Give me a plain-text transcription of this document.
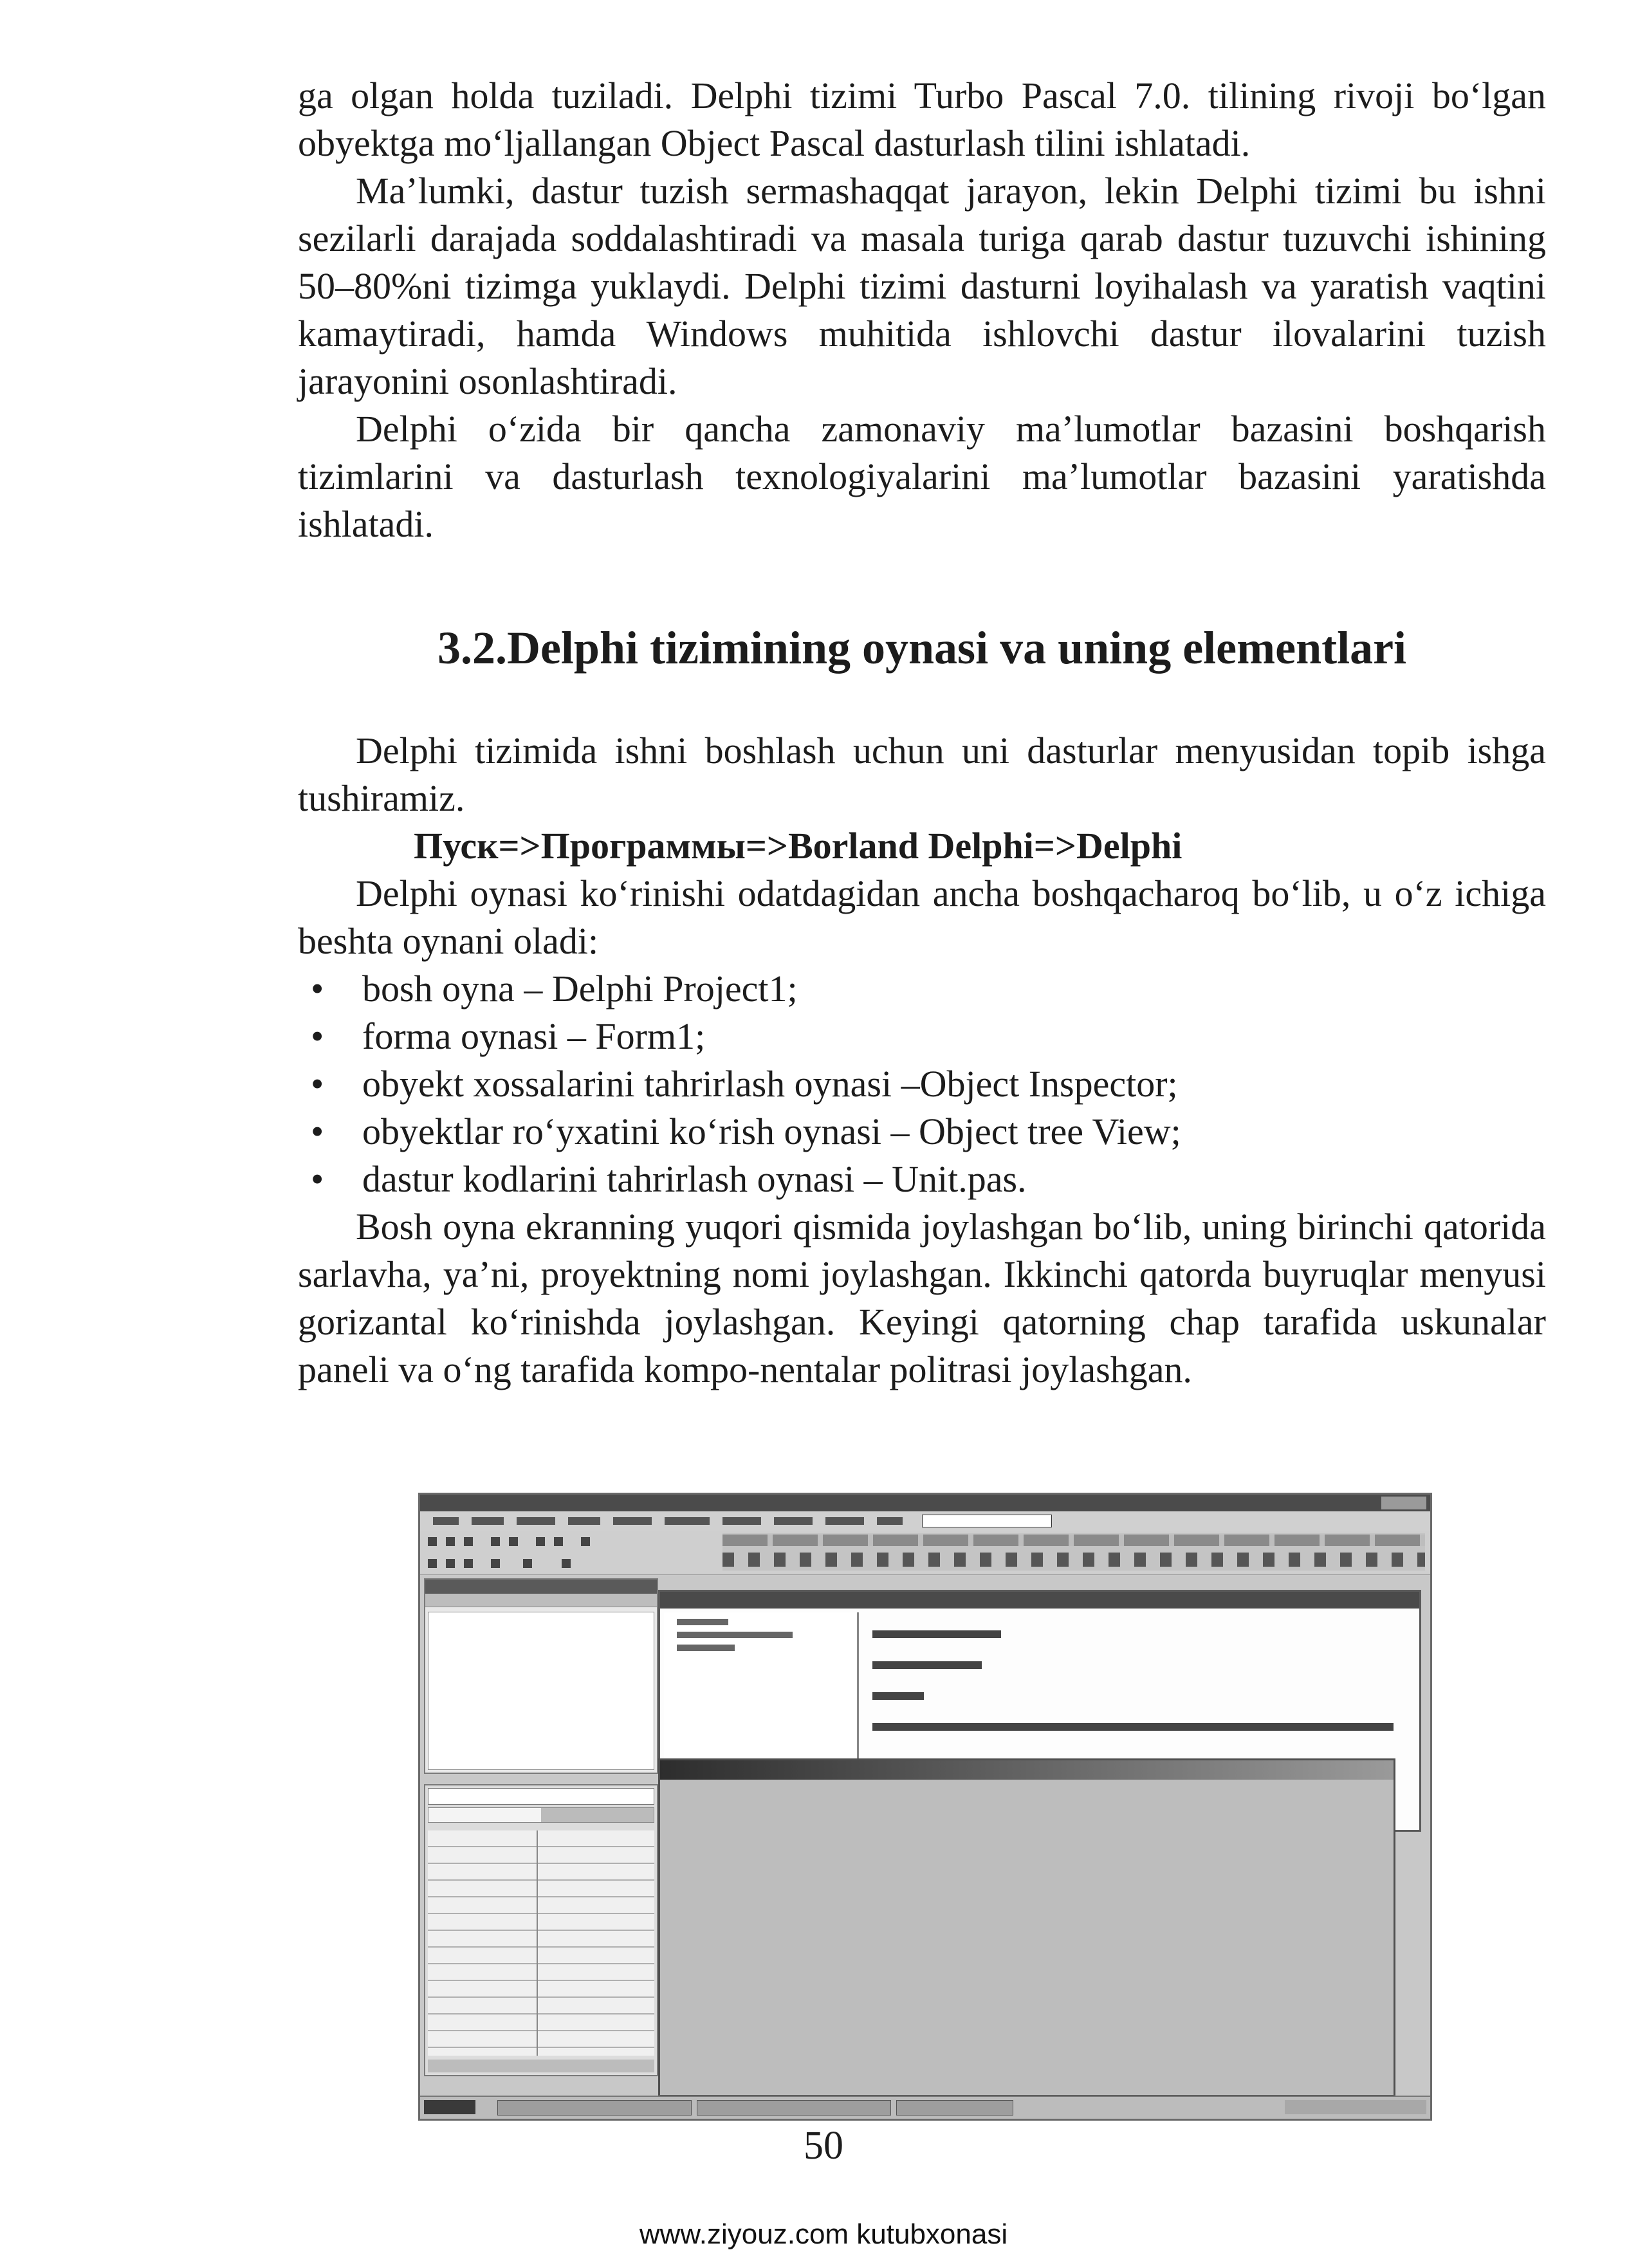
ga olgan holda tuziladi. Delphi tizimi Turbo Pascal 7.0. tilining rivoji bo‘lgan obyektga mo‘ljallangan Object Pascal dasturlash tilini ishlatadi.

Ma’lumki, dastur tuzish sermashaqqat jarayon, lekin Delphi tizimi bu ishni sezilarli darajada soddalashtiradi va masala turiga qarab dastur tuzuvchi ishining 50–80%ni tizimga yuklaydi. Delphi tizimi dasturni loyihalash va yaratish vaqtini kamaytiradi, hamda Windows muhitida ishlovchi dastur ilovalarini tuzish jarayonini osonlashtiradi.

Delphi o‘zida bir qancha zamonaviy ma’lumotlar bazasini boshqarish tizimlarini va dasturlash texnologiyalarini ma’lumotlar bazasini yaratishda ishlatadi.

3.2.Delphi tizimining oynasi va uning elementlari

Delphi tizimida ishni boshlash uchun uni dasturlar menyusidan topib ishga tushiramiz.

Пуск=>Программы=>Borland Delphi=>Delphi

Delphi oynasi ko‘rinishi odatdagidan ancha boshqacharoq bo‘lib, u o‘z ichiga beshta oynani oladi:

• bosh oyna – Delphi Project1;

• forma oynasi – Form1;

• obyekt xossalarini tahrirlash oynasi –Object Inspector;

• obyektlar ro‘yxatini ko‘rish oynasi – Object tree View;

• dastur kodlarini tahrirlash oynasi – Unit.pas.

Bosh oyna ekranning yuqori qismida joylashgan bo‘lib, uning birinchi qatorida sarlavha, ya’ni, proyektning nomi joylashgan. Ikkinchi qatorda buyruqlar menyusi gorizantal ko‘rinishda joylashgan. Keyingi qatorning chap tarafida uskunalar paneli va o‘ng tarafida kompo-nentalar politrasi joylashgan.

50
www.ziyouz.com kutubxonasi
